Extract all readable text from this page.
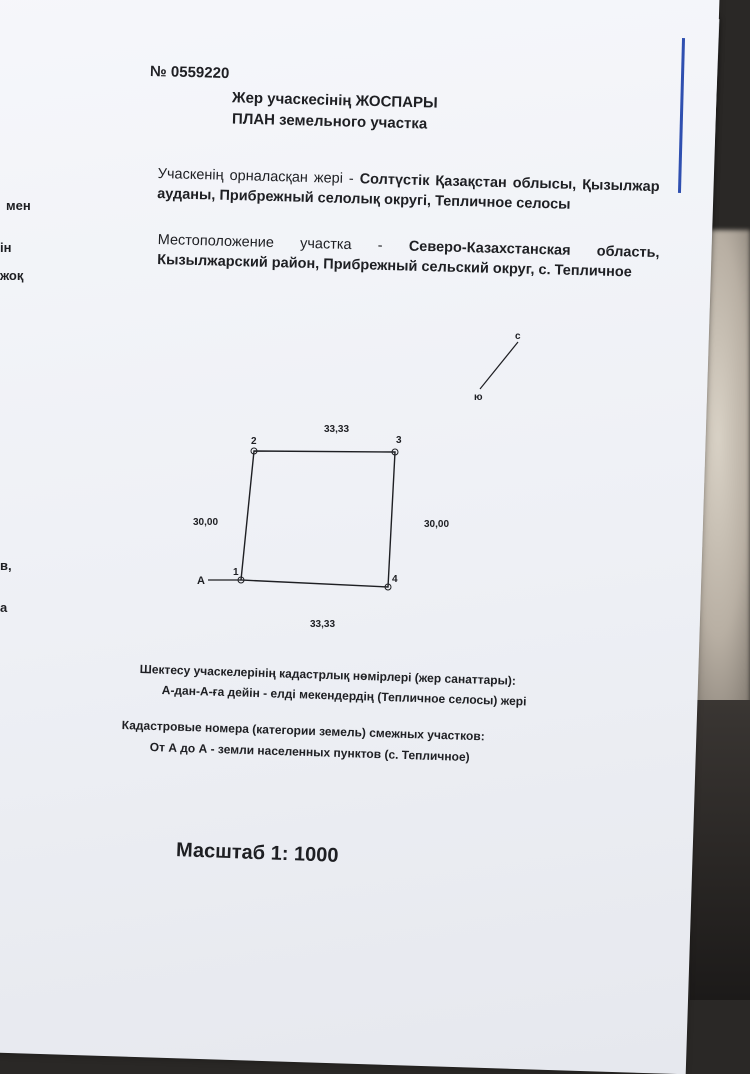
мен
ін
жоқ
в,
а
№ 0559220
Жер учаскесінің ЖОСПАРЫ
ПЛАН земельного участка
Учаскенің орналасқан жері - Солтүстік Қазақстан облысы, Қызылжар ауданы, Прибрежный селолық округі, Тепличное селосы
Местоположение участка - Северо-Казахстанская область, Кызылжарский район, Прибрежный сельский округ, с. Тепличное
с
ю
1
2	3
4
А
33,33
33,33
30,00	30,00
Шектесу учаскелерінің кадастрлық нөмірлері (жер санаттары):
А-дан-А-ға дейін - елді мекендердің (Тепличное селосы) жері
Кадастровые номера (категории земель) смежных участков:
От А до А - земли населенных пунктов (с. Тепличное)
Масштаб 1: 1000
